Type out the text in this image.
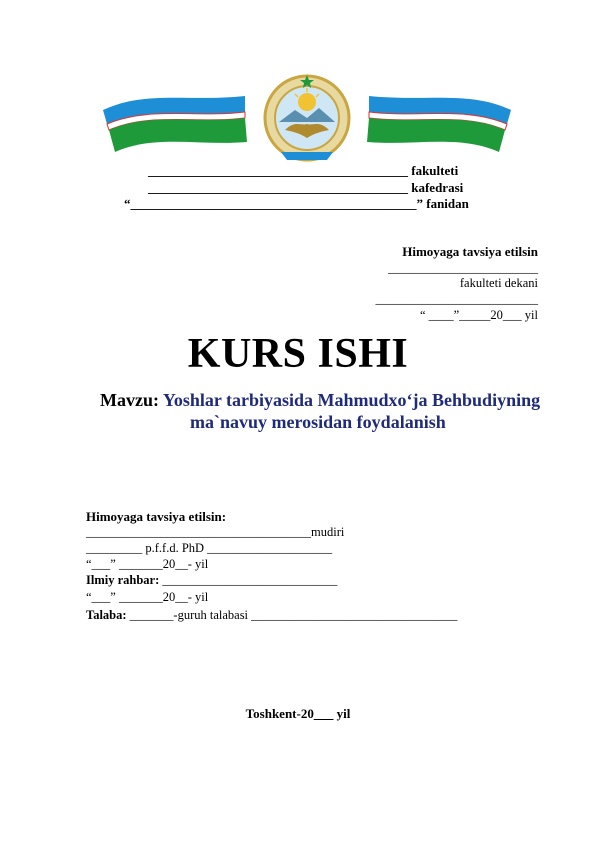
________________________________________ fakulteti
________________________________________ kafedrasi
“____________________________________________” fanidan
Himoyaga tavsiya etilsin
________________________
fakulteti dekani
__________________________
“ ____”_____20___ yil
KURS ISHI
Mavzu: Yoshlar tarbiyasida Mahmudxo‘ja Behbudiyning
ma`navuy merosidan foydalanish
Himoyaga tavsiya etilsin:
____________________________________mudiri
_________ p.f.f.d. PhD ____________________
“___” _______20__- yil
Ilmiy rahbar: ____________________________
“___” _______20__- yil
Talaba: _______-guruh talabasi _________________________________
Toshkent-20___ yil
